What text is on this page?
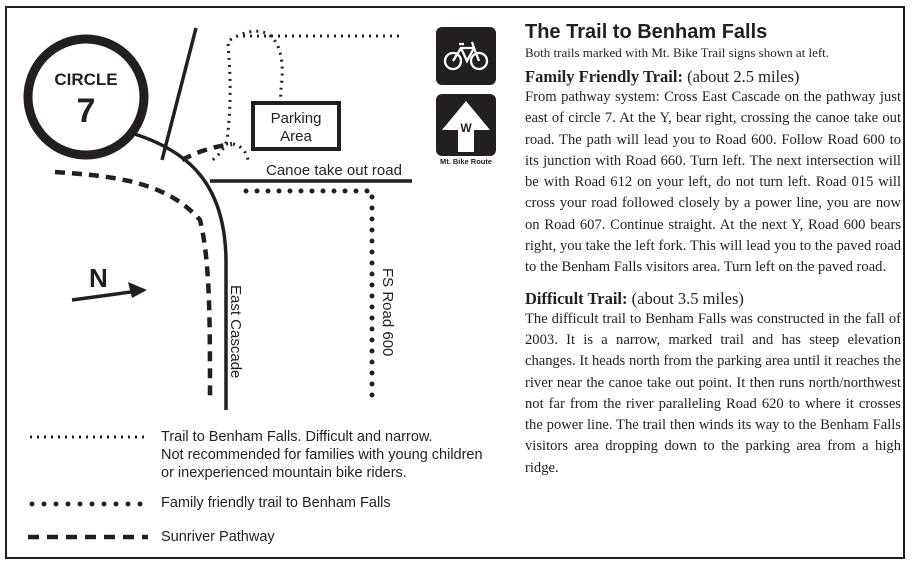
CIRCLE
7	Parking
Area
Canoe take out road
East Cascade	FS Road 600
N
W
Mt. Bike Route
Trail to Benham Falls. Difficult and narrow.
Not recommended for families with young children
or inexperienced mountain bike riders.
Family friendly trail to Benham Falls
Sunriver Pathway
The Trail to Benham Falls

Both trails marked with Mt. Bike Trail signs shown at left.

Family Friendly Trail: (about 2.5 miles)

From pathway system: Cross East Cascade on the pathway just east of circle 7. At the Y, bear right, crossing the canoe take out road. The path will lead you to Road 600. Follow Road 600 to its junction with Road 660. Turn left. The next intersection will be with Road 612 on your left, do not turn left. Road 015 will cross your road followed closely by a power line, you are now on Road 607. Continue straight. At the next Y, Road 600 bears right, you take the left fork. This will lead you to the paved road to the Benham Falls visitors area. Turn left on the paved road.

Difficult Trail: (about 3.5 miles)

The difficult trail to Benham Falls was constructed in the fall of 2003. It is a narrow, marked trail and has steep elevation changes. It heads north from the parking area until it reaches the river near the canoe take out point. It then runs north/northwest not far from the river paralleling Road 620 to where it crosses the power line. The trail then winds its way to the Benham Falls visitors area dropping down to the parking area from a high ridge.
